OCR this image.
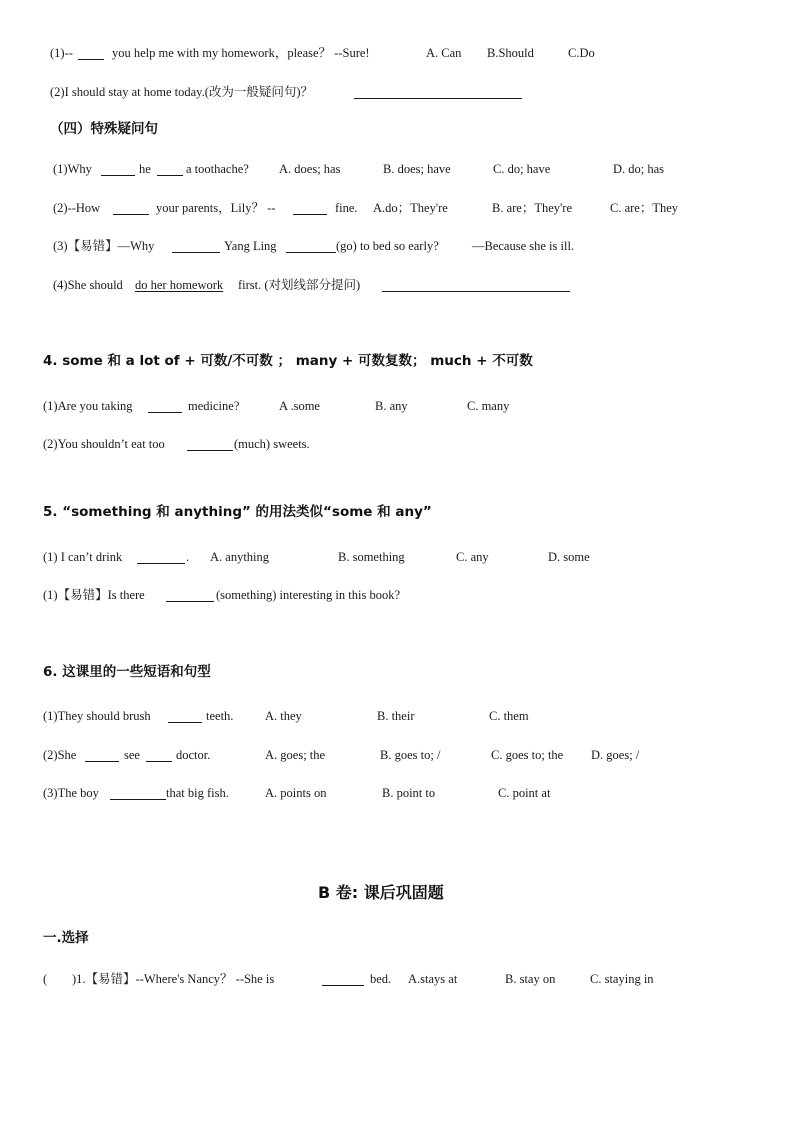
(1)--	you help me with my homework，please？ --Sure!	A. Can B.Should	C.Do
(2)I should stay at home today.(改为一般疑问句)？
（四）特殊疑问句
(1)Why	he	a toothache? A. does; has	B. does; have	C. do; have	D. do; has
(2)--How	your parents，Lily？ --	fine. A.do；They're	B. are；They're	C. are；They
(3)【易错】—Why	Yang Ling	(go) to bed so early?	—Because she is ill.
(4)She should do her homework first. (对划线部分提问)
4. some 和 a lot of + 可数/不可数 ； many + 可数复数； much + 不可数
(1)Are you taking	medicine?	A .some	B. any	C. many
(2)You shouldn’t eat too	(much) sweets.
5. “something 和 anything” 的用法类似“some 和 any”
(1) I can’t drink	. A. anything	B. something	C. any	D. some
(1)【易错】Is there	(something) interesting in this book?
6. 这课里的一些短语和句型
(1)They should brush	teeth.	A. they	B. their	C. them
(2)She	see	doctor.	A. goes; the	B. goes to; /	C. goes to; the D. goes; /
(3)The boy	that big fish.	A. points on	B. point to	C. point at
B 卷: 课后巩固题
一.选择
( )1.【易错】--Where's Nancy？ --She is	bed. A.stays at	B. stay on	C. staying in
